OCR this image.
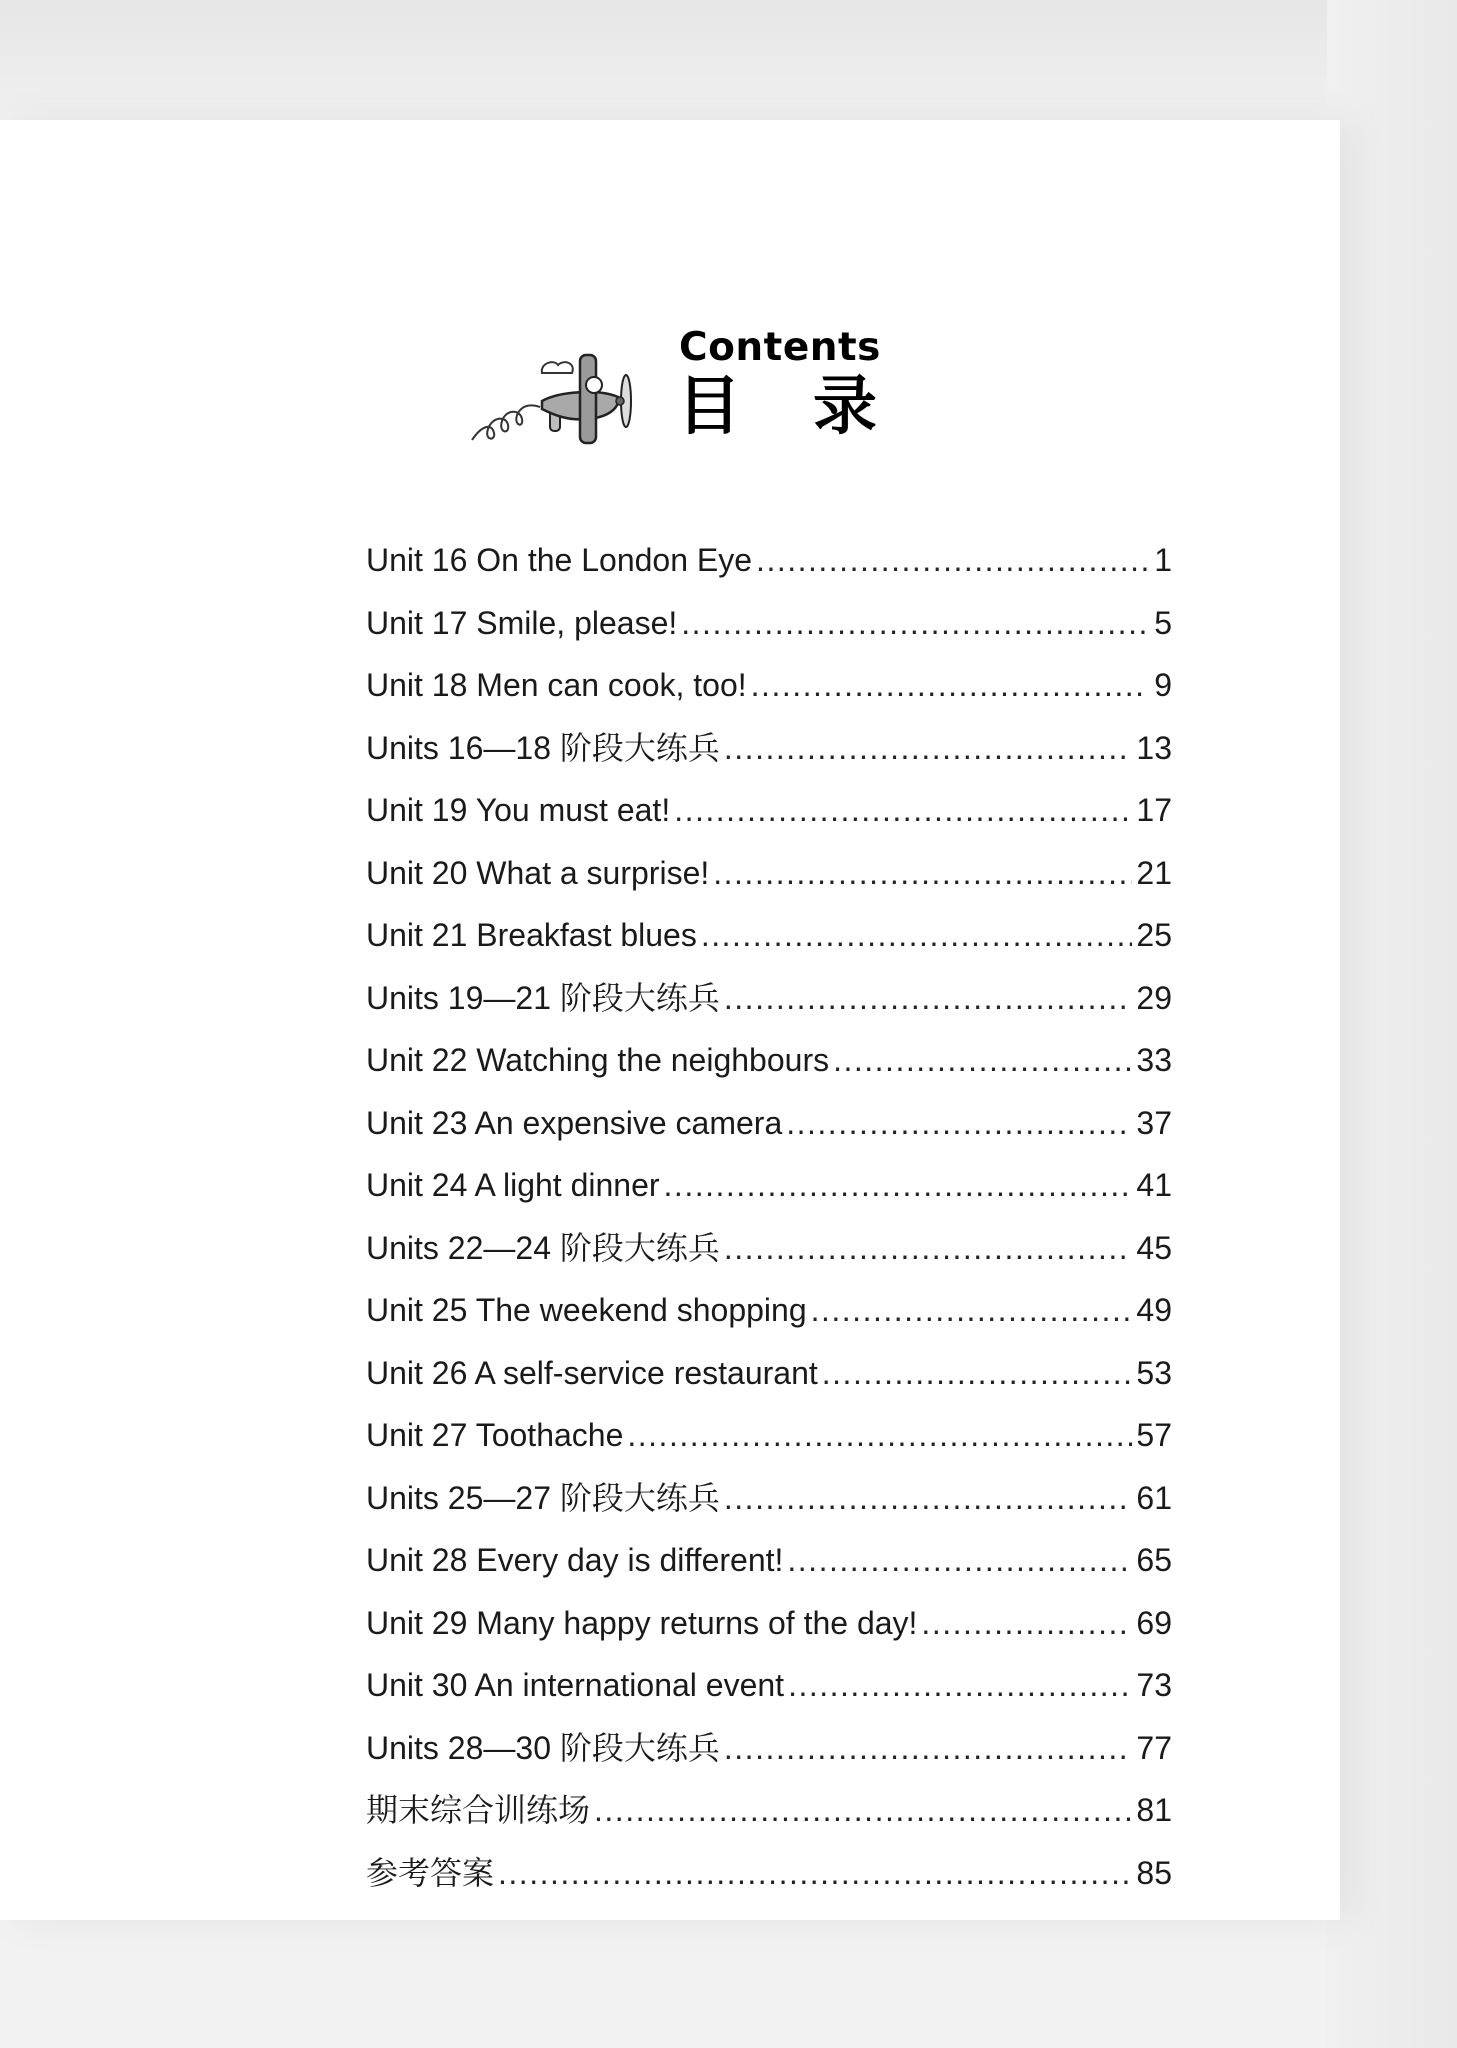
Contents
目录
Unit 16 On the London Eye .....	1
Unit 17 Smile, please! .....	5
Unit 18 Men can cook, too! .....	9
Units 16—18 阶段大练兵 .....	13
Unit 19 You must eat! .....	17
Unit 20 What a surprise! .....	21
Unit 21 Breakfast blues .....	25
Units 19—21 阶段大练兵 .....	29
Unit 22 Watching the neighbours .....	33
Unit 23 An expensive camera .....	37
Unit 24 A light dinner .....	41
Units 22—24 阶段大练兵 .....	45
Unit 25 The weekend shopping .....	49
Unit 26 A self-service restaurant .....	53
Unit 27 Toothache .....	57
Units 25—27 阶段大练兵 .....	61
Unit 28 Every day is different! .....	65
Unit 29 Many happy returns of the day! .....	69
Unit 30 An international event .....	73
Units 28—30 阶段大练兵 .....	77
期末综合训练场 .....	81
参考答案 .....	85
